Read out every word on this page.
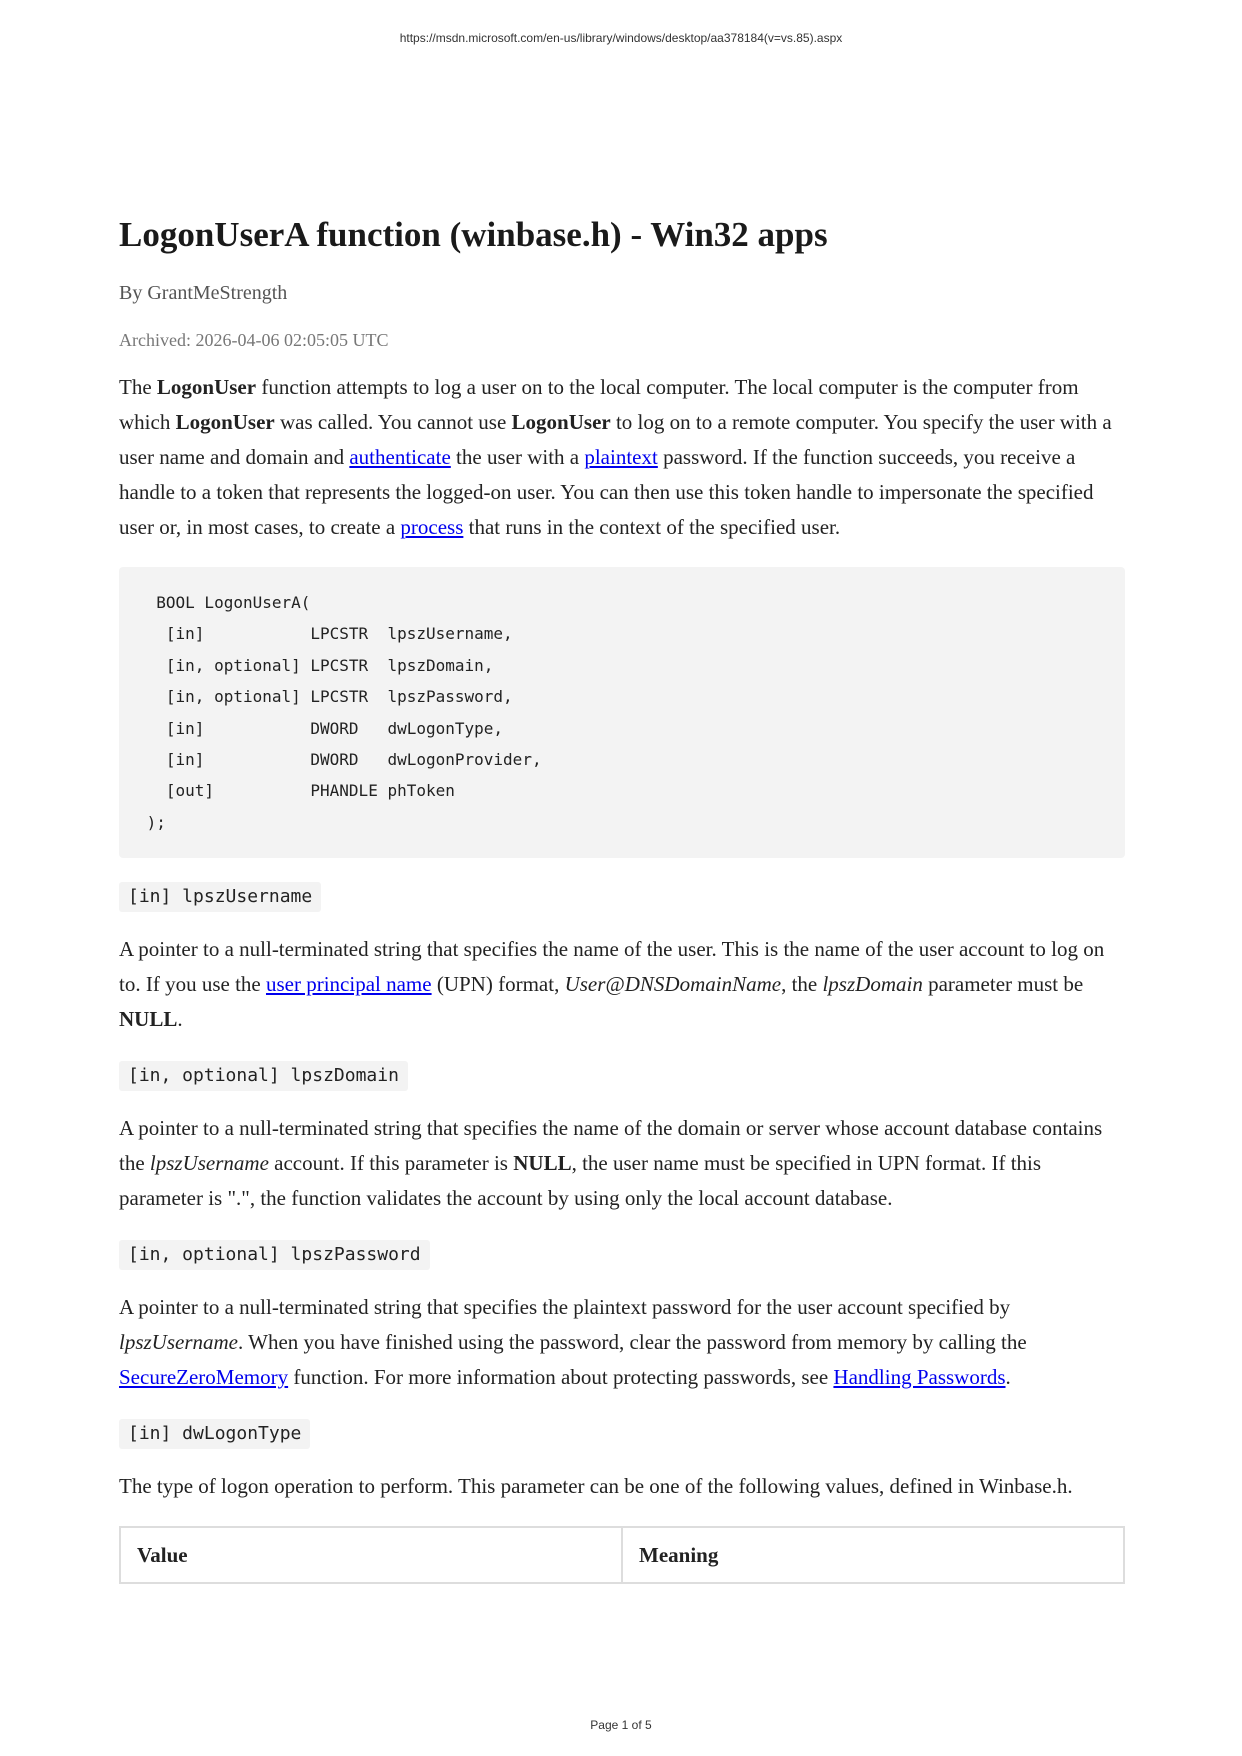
https://msdn.microsoft.com/en-us/library/windows/desktop/aa378184(v=vs.85).aspx
LogonUserA function (winbase.h) - Win32 apps
By GrantMeStrength
Archived: 2026-04-06 02:05:05 UTC

The LogonUser function attempts to log a user on to the local computer. The local computer is the computer from which LogonUser was called. You cannot use LogonUser to log on to a remote computer. You specify the user with a user name and domain and authenticate the user with a plaintext password. If the function succeeds, you receive a handle to a token that represents the logged-on user. You can then use this token handle to impersonate the specified user or, in most cases, to create a process that runs in the context of the specified user.

BOOL LogonUserA(
[in]           LPCSTR  lpszUsername,
[in, optional] LPCSTR  lpszDomain,
[in, optional] LPCSTR  lpszPassword,
[in]           DWORD   dwLogonType,
[in]           DWORD   dwLogonProvider,
[out]          PHANDLE phToken
);
[in] lpszUsername

A pointer to a null-terminated string that specifies the name of the user. This is the name of the user account to log on to. If you use the user principal name (UPN) format, User@DNSDomainName, the lpszDomain parameter must be NULL.

[in, optional] lpszDomain

A pointer to a null-terminated string that specifies the name of the domain or server whose account database contains the lpszUsername account. If this parameter is NULL, the user name must be specified in UPN format. If this parameter is ".", the function validates the account by using only the local account database.

[in, optional] lpszPassword

A pointer to a null-terminated string that specifies the plaintext password for the user account specified by lpszUsername. When you have finished using the password, clear the password from memory by calling the SecureZeroMemory function. For more information about protecting passwords, see Handling Passwords.

[in] dwLogonType

The type of logon operation to perform. This parameter can be one of the following values, defined in Winbase.h.

Value	Meaning
Page 1 of 5
